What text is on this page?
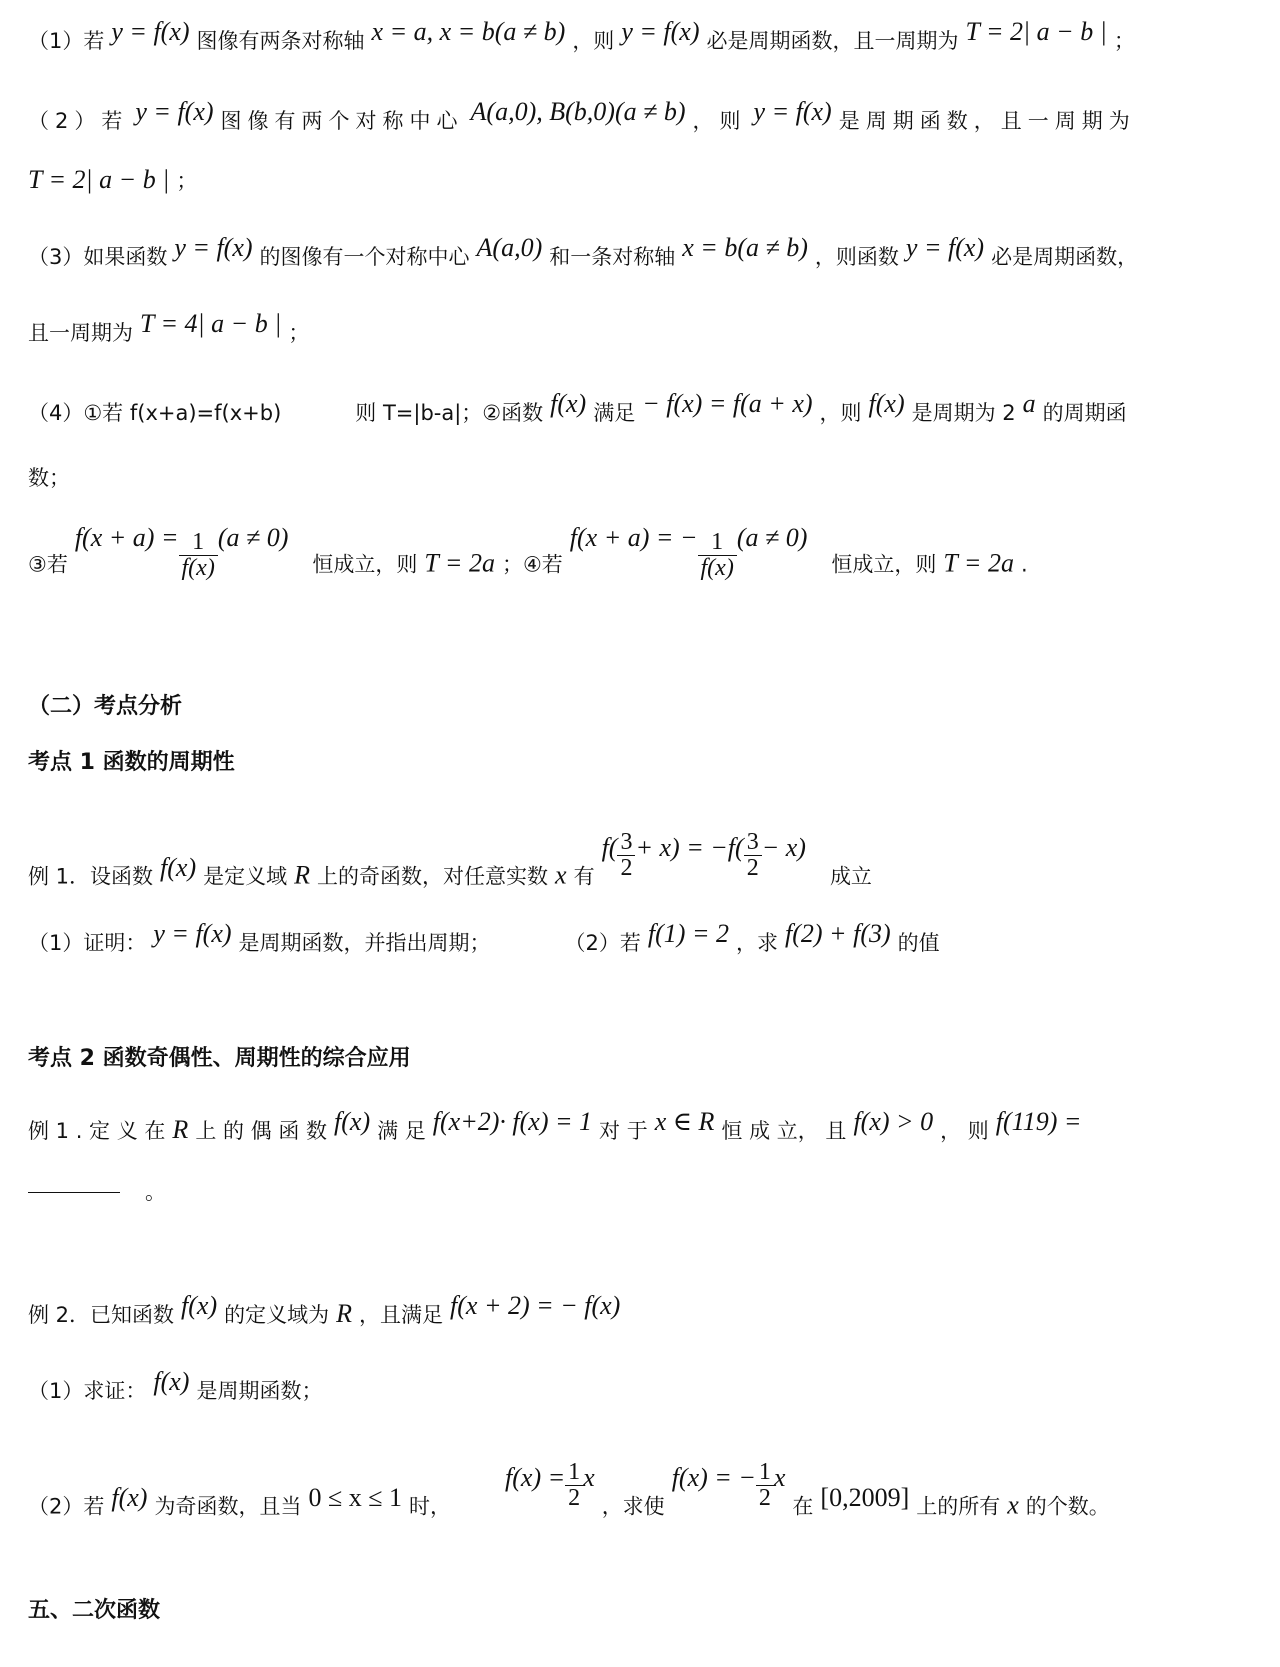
（1）若 y = f(x) 图像有两条对称轴 x = a, x = b(a ≠ b) ，则 y = f(x) 必是周期函数，且一周期为 T = 2| a − b | ；
（2）若 y = f(x) 图像有两个对称中心 A(a,0), B(b,0)(a ≠ b) ，则 y = f(x) 是周期函数，且一周期为
T = 2| a − b | ；
（3）如果函数 y = f(x) 的图像有一个对称中心 A(a,0) 和一条对称轴 x = b(a ≠ b) ，则函数 y = f(x) 必是周期函数，
且一周期为 T = 4| a − b | ；
（4）①若 f(x+a)=f(x+b)	则 T=|b-a|；②函数 f(x) 满足 − f(x) = f(a + x) ，则 f(x) 是周期为 2 a 的周期函
数；
③若 $f(x + a) = \frac{1}{f(x)} (a \ne 0)$  恒成立，则 T = 2a ；④若 f(x + a) = − $\frac{1}{f(x)} (a \ne 0)$  恒成立，则 T = 2a .
（二）考点分析
考点 1 函数的周期性
例 1．设函数 f(x) 是定义域 R 上的奇函数，对任意实数 x 有 $f( \frac{3}{2} + x) = -f( \frac{3}{2} - x)$  成立
（1）证明： y = f(x) 是周期函数，并指出周期；	（2）若 f(1) = 2 ，求 f(2) + f(3) 的值
考点 2 函数奇偶性、周期性的综合应用
例 1 . 定 义 在 R 上 的 偶 函 数 f(x) 满 足 f(x+2)· f(x) = 1 对 于 x ∈ R 恒 成 立， 且 f(x) > 0 ， 则 f(119) =
。
例 2．已知函数 f(x) 的定义域为 R ，且满足 f(x + 2) = − f(x)
（1）求证： f(x) 是周期函数；
（2）若 f(x) 为奇函数，且当 0 ≤ x ≤ 1 时，  $f(x) = \frac{1}{2}$ x ，求使 f(x) = − $\frac{1}{2}$ x 在 [0,2009] 上的所有 x 的个数。
五、二次函数
